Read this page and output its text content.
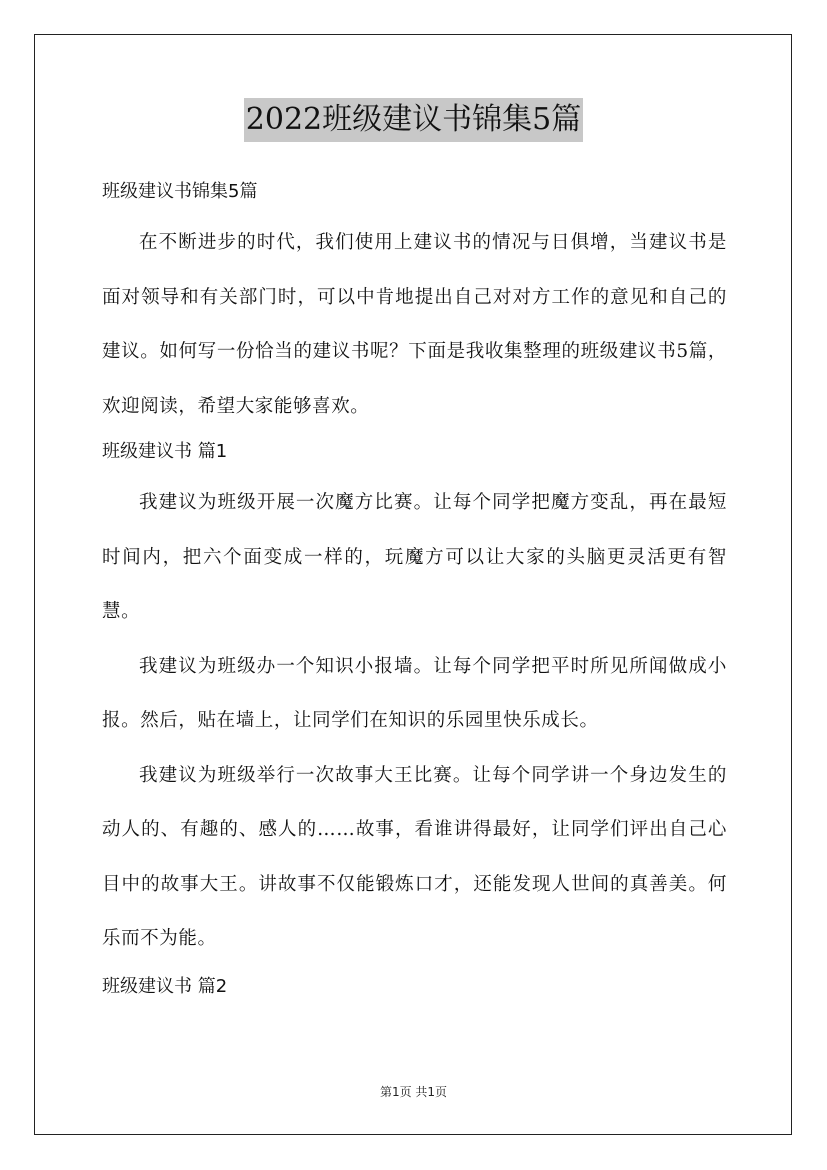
2022班级建议书锦集5篇

班级建议书锦集5篇

在不断进步的时代，我们使用上建议书的情况与日俱增，当建议书是面对领导和有关部门时，可以中肯地提出自己对对方工作的意见和自己的建议。如何写一份恰当的建议书呢？下面是我收集整理的班级建议书5篇，欢迎阅读，希望大家能够喜欢。

班级建议书 篇1

我建议为班级开展一次魔方比赛。让每个同学把魔方变乱，再在最短时间内，把六个面变成一样的，玩魔方可以让大家的头脑更灵活更有智慧。

我建议为班级办一个知识小报墙。让每个同学把平时所见所闻做成小报。然后，贴在墙上，让同学们在知识的乐园里快乐成长。

我建议为班级举行一次故事大王比赛。让每个同学讲一个身边发生的动人的、有趣的、感人的……故事，看谁讲得最好，让同学们评出自己心目中的故事大王。讲故事不仅能锻炼口才，还能发现人世间的真善美。何乐而不为能。

班级建议书 篇2

第1页 共1页
